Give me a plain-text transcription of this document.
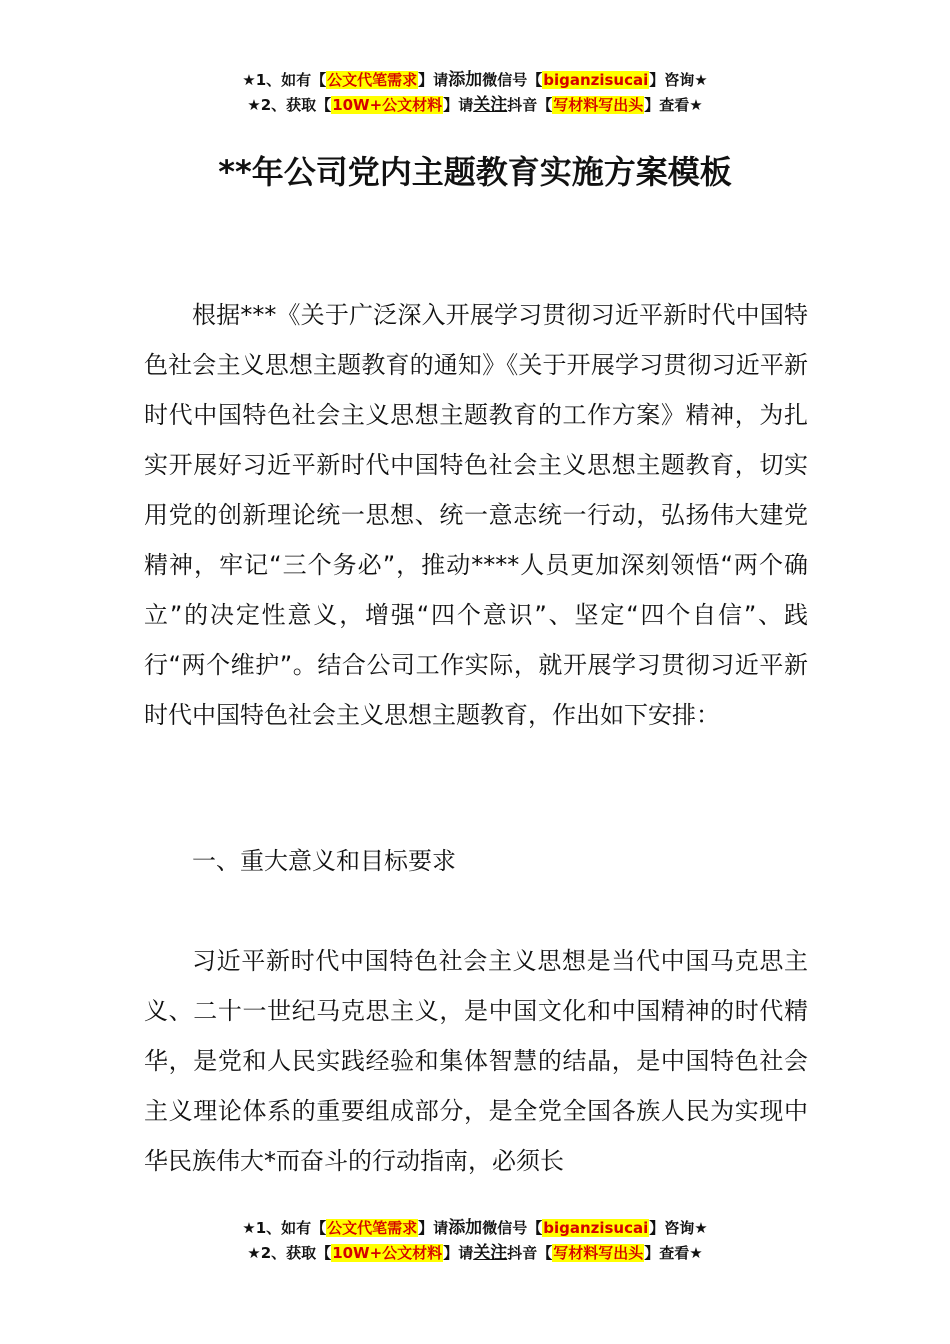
★1、如有【公文代笔需求】请添加微信号【biganzisucai】咨询★
★2、获取【10W+公文材料】请关注抖音【写材料写出头】查看★
**年公司党内主题教育实施方案模板

根据***《关于广泛深入开展学习贯彻习近平新时代中国特色社会主义思想主题教育的通知》《关于开展学习贯彻习近平新时代中国特色社会主义思想主题教育的工作方案》精神，为扎实开展好习近平新时代中国特色社会主义思想主题教育，切实用党的创新理论统一思想、统一意志统一行动，弘扬伟大建党精神，牢记“三个务必”，推动****人员更加深刻领悟“两个确立”的决定性意义，增强“四个意识”、坚定“四个自信”、践行“两个维护”。结合公司工作实际，就开展学习贯彻习近平新时代中国特色社会主义思想主题教育，作出如下安排：

一、重大意义和目标要求

习近平新时代中国特色社会主义思想是当代中国马克思主义、二十一世纪马克思主义，是中国文化和中国精神的时代精华，是党和人民实践经验和集体智慧的结晶，是中国特色社会主义理论体系的重要组成部分，是全党全国各族人民为实现中华民族伟大*而奋斗的行动指南，必须长

★1、如有【公文代笔需求】请添加微信号【biganzisucai】咨询★
★2、获取【10W+公文材料】请关注抖音【写材料写出头】查看★
